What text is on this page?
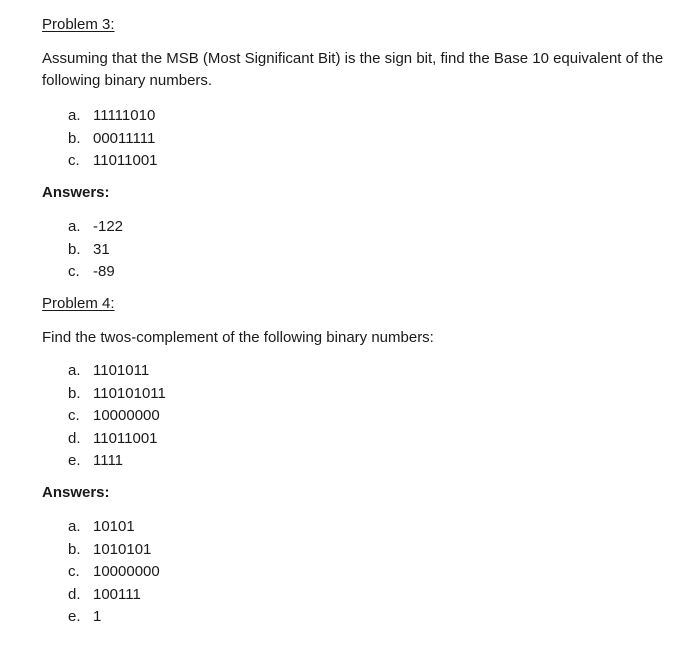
Problem 3:
Assuming that the MSB (Most Significant Bit) is the sign bit, find the Base 10 equivalent of the following binary numbers.
a. 11111010
b. 00011111
c. 11011001
Answers:
a. -122
b. 31
c. -89
Problem 4:
Find the twos-complement of the following binary numbers:
a. 1101011
b. 110101011
c. 10000000
d. 11011001
e. 1111
Answers:
a. 10101
b. 1010101
c. 10000000
d. 100111
e. 1
